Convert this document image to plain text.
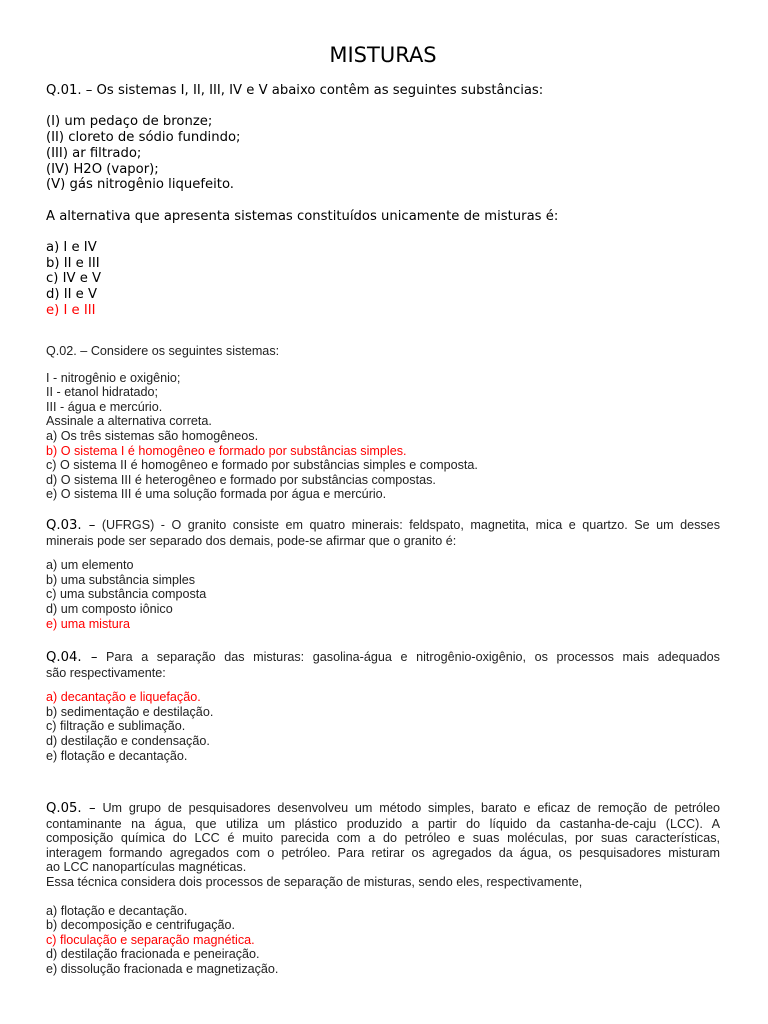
MISTURAS
Q.01. – Os sistemas I, II, III, IV e V abaixo contêm as seguintes substâncias:
(I) um pedaço de bronze;
(II) cloreto de sódio fundindo;
(III) ar filtrado;
(IV) H2O (vapor);
(V) gás nitrogênio liquefeito.
A alternativa que apresenta sistemas constituídos unicamente de misturas é:
a) I e IV
b) II e III
c) IV e V
d) II e V
e) I e III
Q.02. – Considere os seguintes sistemas:
I - nitrogênio e oxigênio;
II - etanol hidratado;
III - água e mercúrio.
Assinale a alternativa correta.
a) Os três sistemas são homogêneos.
b) O sistema I é homogêneo e formado por substâncias simples.
c) O sistema II é homogêneo e formado por substâncias simples e composta.
d) O sistema III é heterogêneo e formado por substâncias compostas.
e) O sistema III é uma solução formada por água e mercúrio.
Q.03. – (UFRGS) - O granito consiste em quatro minerais: feldspato, magnetita, mica e quartzo. Se um desses
minerais pode ser separado dos demais, pode-se afirmar que o granito é:
a) um elemento
b) uma substância simples
c) uma substância composta
d) um composto iônico
e) uma mistura
Q.04. – Para a separação das misturas: gasolina-água e nitrogênio-oxigênio, os processos mais adequados
são respectivamente:
a) decantação e liquefação.
b) sedimentação e destilação.
c) filtração e sublimação.
d) destilação e condensação.
e) flotação e decantação.
Q.05. – Um grupo de pesquisadores desenvolveu um método simples, barato e eficaz de remoção de petróleo
contaminante na água, que utiliza um plástico produzido a partir do líquido da castanha-de-caju (LCC). A
composição química do LCC é muito parecida com a do petróleo e suas moléculas, por suas características,
interagem formando agregados com o petróleo. Para retirar os agregados da água, os pesquisadores misturam
ao LCC nanopartículas magnéticas.
Essa técnica considera dois processos de separação de misturas, sendo eles, respectivamente,
a) flotação e decantação.
b) decomposição e centrifugação.
c) floculação e separação magnética.
d) destilação fracionada e peneiração.
e) dissolução fracionada e magnetização.
